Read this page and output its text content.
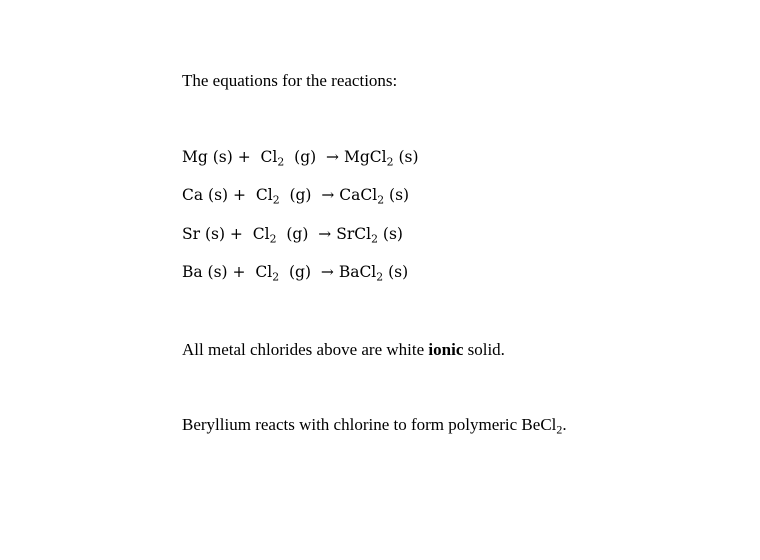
The equations for the reactions:
Mg $(s) + Cl_2$ (g) → MgCl$_2$ (s)
Ca $(s) + Cl_2$ (g) → CaCl$_2$ (s)
Sr $(s) + Cl_2$ (g) → SrCl$_2$ (s)
Ba $(s) + Cl_2$ (g) → BaCl$_2$ (s)
All metal chlorides above are white ionic solid.
Beryllium reacts with chlorine to form polymeric BeCl$_2$.
